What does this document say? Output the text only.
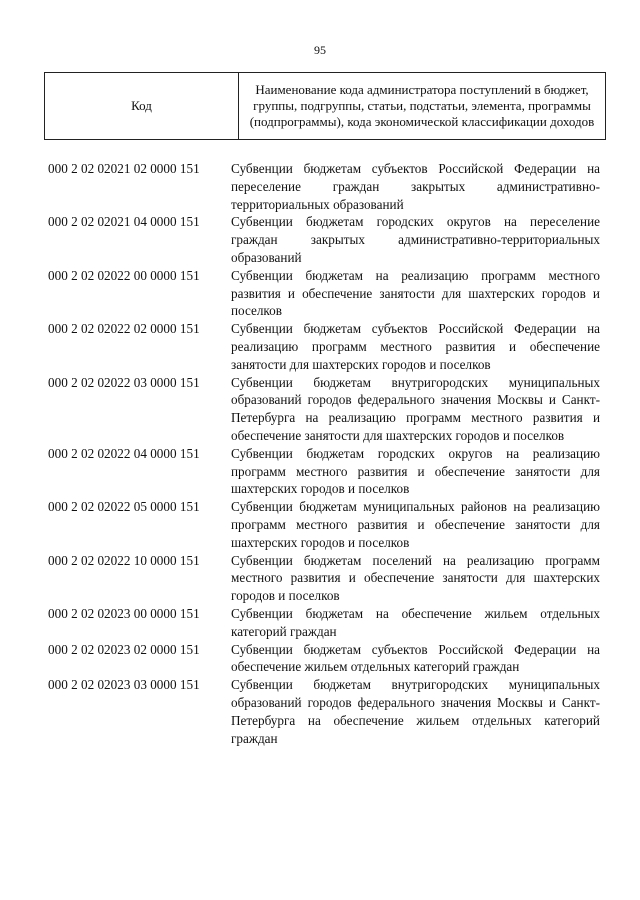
95
Код	Наименование кода администратора поступлений в бюджет, группы, подгруппы, статьи, подстатьи, элемента, программы (подпрограммы), кода экономической классификации доходов
000 2 02 02021 02 0000 151	Субвенции бюджетам субъектов Российской Федерации на переселение граждан закрытых административно-территориальных образований
000 2 02 02021 04 0000 151	Субвенции бюджетам городских округов на переселение граждан закрытых административно-территориальных образований
000 2 02 02022 00 0000 151	Субвенции бюджетам на реализацию программ местного развития и обеспечение занятости для шахтерских городов и поселков
000 2 02 02022 02 0000 151	Субвенции бюджетам субъектов Российской Федерации на реализацию программ местного развития и обеспечение занятости для шахтерских городов и поселков
000 2 02 02022 03 0000 151	Субвенции бюджетам внутригородских муниципальных образований городов федерального значения Москвы и Санкт-Петербурга на реализацию программ местного развития и обеспечение занятости для шахтерских городов и поселков
000 2 02 02022 04 0000 151	Субвенции бюджетам городских округов на реализацию программ местного развития и обеспечение занятости для шахтерских городов и поселков
000 2 02 02022 05 0000 151	Субвенции бюджетам муниципальных районов на реализацию программ местного развития и обеспечение занятости для шахтерских городов и поселков
000 2 02 02022 10 0000 151	Субвенции бюджетам поселений на реализацию программ местного развития и обеспечение занятости для шахтерских городов и поселков
000 2 02 02023 00 0000 151	Субвенции бюджетам на обеспечение жильем отдельных категорий граждан
000 2 02 02023 02 0000 151	Субвенции бюджетам субъектов Российской Федерации на обеспечение жильем отдельных категорий граждан
000 2 02 02023 03 0000 151	Субвенции бюджетам внутригородских муниципальных образований городов федерального значения Москвы и Санкт-Петербурга на обеспечение жильем отдельных категорий граждан
